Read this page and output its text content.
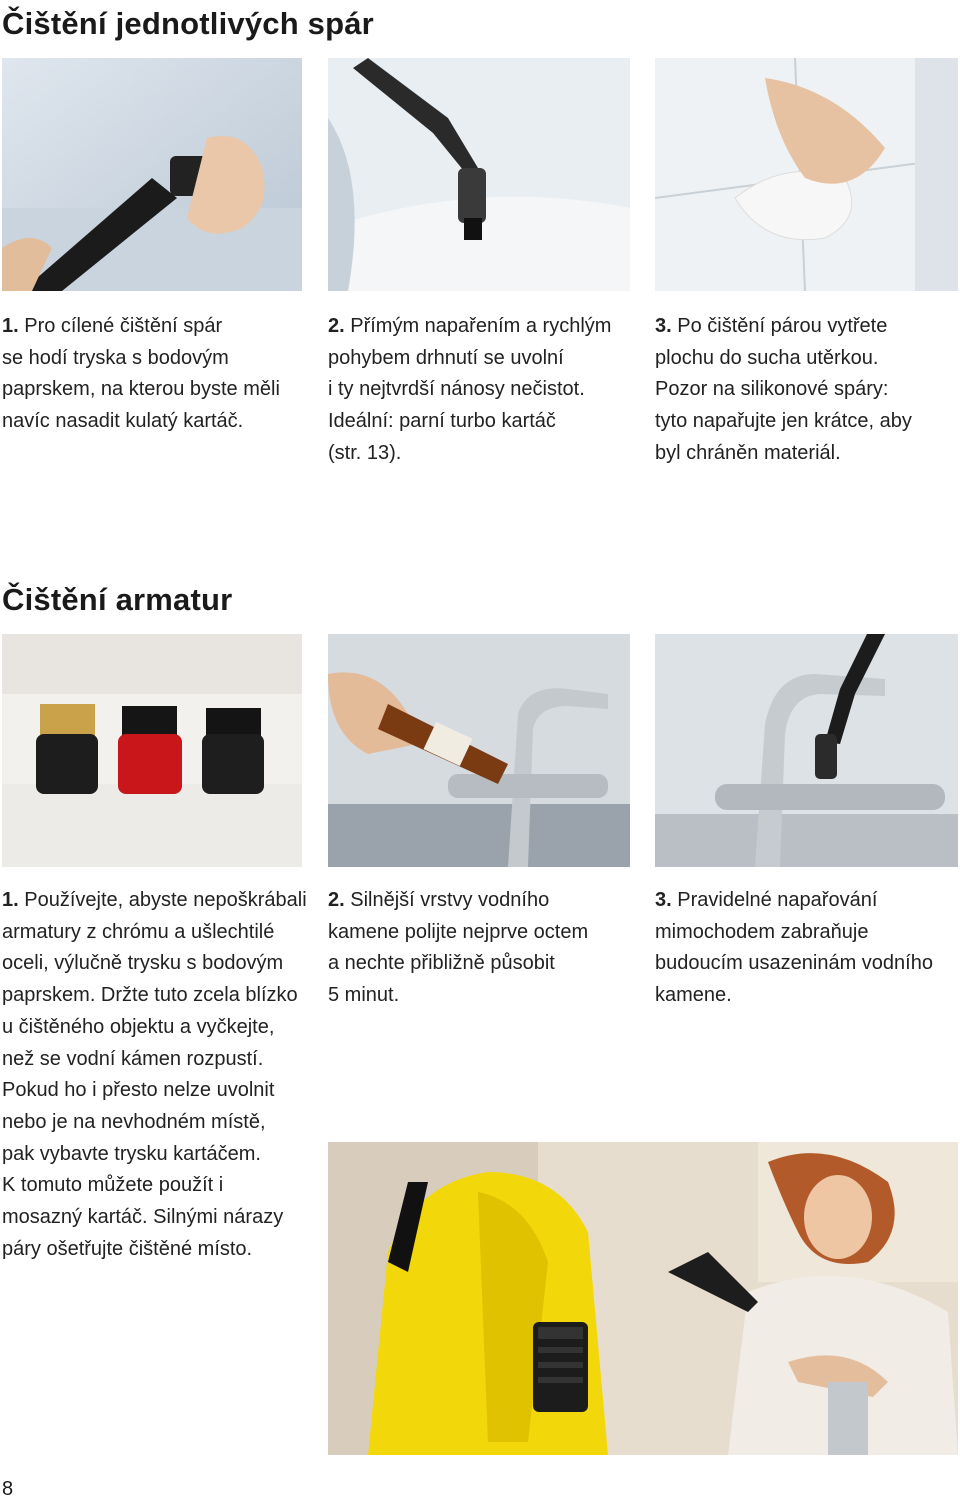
Čištění jednotlivých spár
1. Pro cílené čištění spár
se hodí tryska s bodovým
paprskem, na kterou byste měli
navíc nasadit kulatý kartáč.
2. Přímým napařením a rychlým
pohybem drhnutí se uvolní
i ty nejtvrdší nánosy nečistot.
Ideální: parní turbo kartáč
(str. 13).
3. Po čištění párou vytřete
plochu do sucha utěrkou.
Pozor na silikonové spáry:
tyto napařujte jen krátce, aby
byl chráněn materiál.
Čištění armatur
1. Používejte, abyste nepoškrábali
armatury z chrómu a ušlechtilé
oceli, výlučně trysku s bodovým
paprskem. Držte tuto zcela blízko
u čištěného objektu a vyčkejte,
než se vodní kámen rozpustí.
Pokud ho i přesto nelze uvolnit
nebo je na nevhodném místě,
pak vybavte trysku kartáčem.
K tomuto můžete použít i
mosazný kartáč. Silnými nárazy
páry ošetřujte čištěné místo.
2. Silnější vrstvy vodního
kamene polijte nejprve octem
a nechte přibližně působit
5 minut.
3. Pravidelné napařování
mimochodem zabraňuje
budoucím usazeninám vodního
kamene.
8
